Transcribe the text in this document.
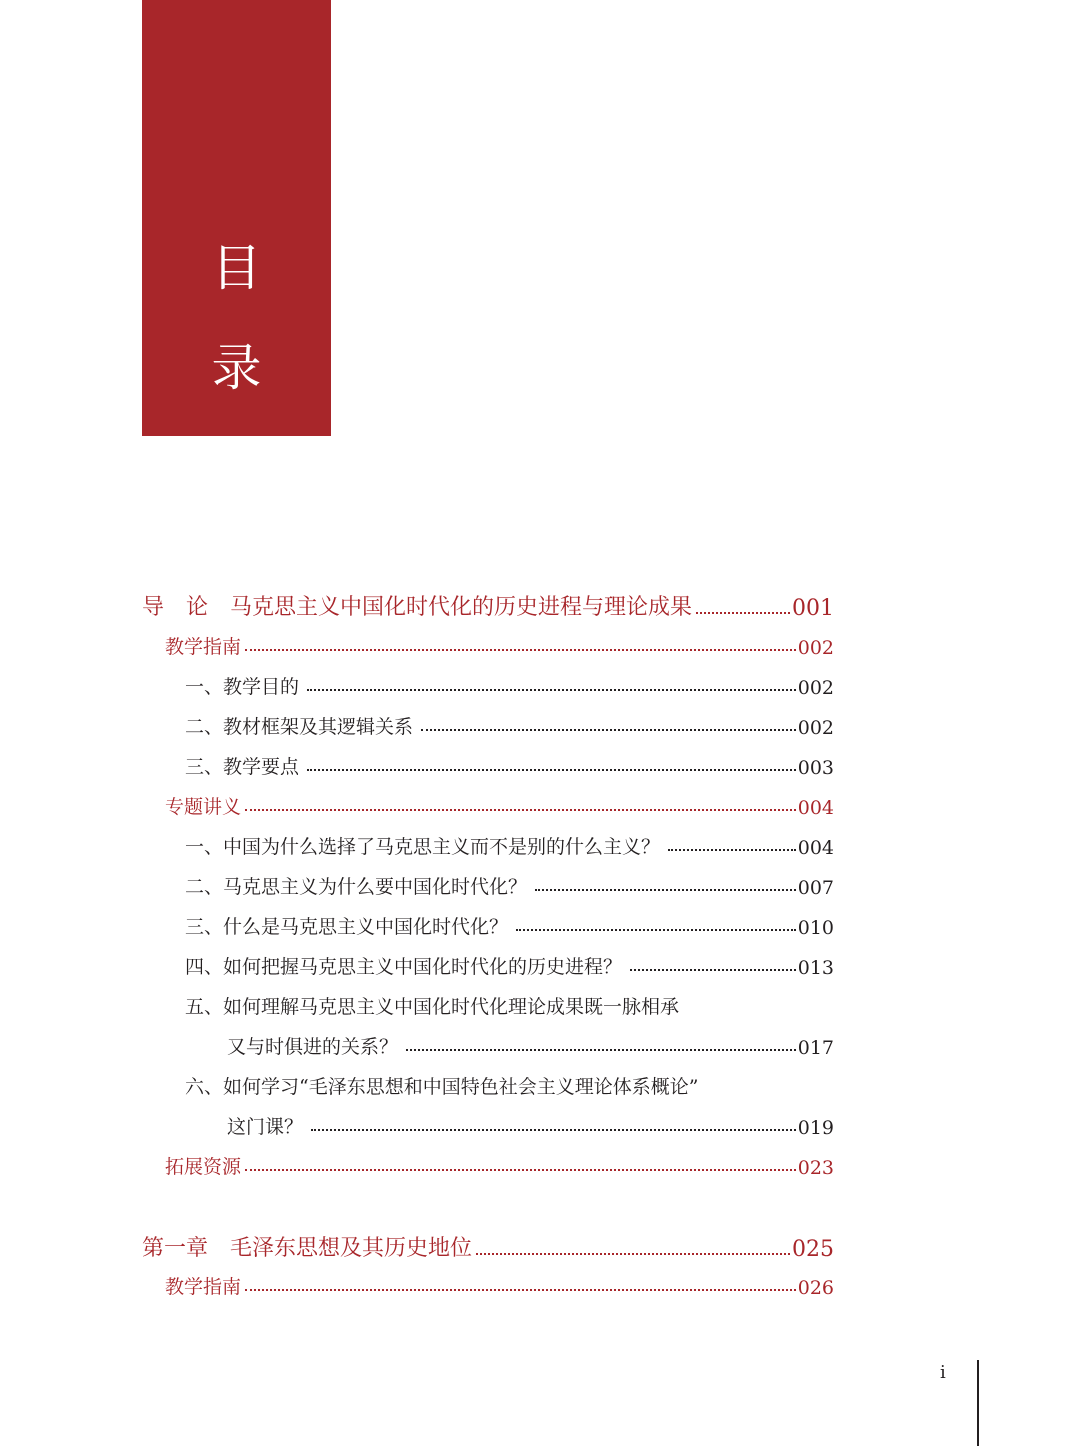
目
录
导 论 马克思主义中国化时代化的历史进程与理论成果	001
教学指南	002
一、教学目的	002
二、教材框架及其逻辑关系	002
三、教学要点	003
专题讲义	004
一、中国为什么选择了马克思主义而不是别的什么主义？	004
二、马克思主义为什么要中国化时代化？	007
三、什么是马克思主义中国化时代化？	010
四、如何把握马克思主义中国化时代化的历史进程？	013
五、如何理解马克思主义中国化时代化理论成果既一脉相承
又与时俱进的关系？	017
六、如何学习“毛泽东思想和中国特色社会主义理论体系概论”
这门课？	019
拓展资源	023
第一章 毛泽东思想及其历史地位	025
教学指南	026
i
